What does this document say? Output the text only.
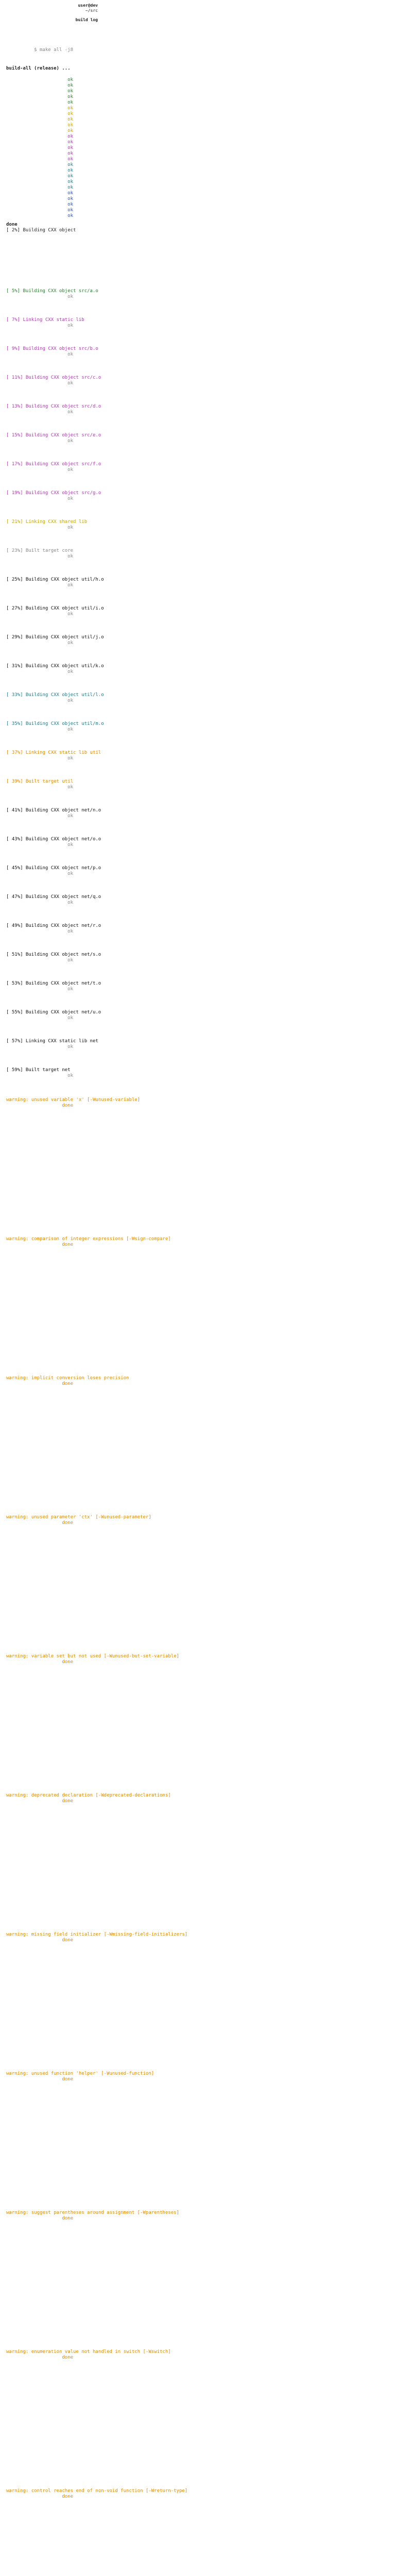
user@dev
~/src
build log
$ make all -j8
build-all (release) ...
ok
ok
ok
ok
ok
ok
ok
ok
ok
ok
ok
ok
ok
ok
ok
ok
ok
ok
ok
ok
ok
ok
ok
ok
ok
done
[ 2%] Building CXX object
[ 5%] Building CXX object src/a.o
ok
[ 7%] Linking CXX static lib
ok
[ 9%] Building CXX object src/b.o
ok
[ 11%] Building CXX object src/c.o
ok
[ 13%] Building CXX object src/d.o
ok
[ 15%] Building CXX object src/e.o
ok
[ 17%] Building CXX object src/f.o
ok
[ 19%] Building CXX object src/g.o
ok
[ 21%] Linking CXX shared lib
ok
[ 23%] Built target core
ok
[ 25%] Building CXX object util/h.o
ok
[ 27%] Building CXX object util/i.o
ok
[ 29%] Building CXX object util/j.o
ok
[ 31%] Building CXX object util/k.o
ok
[ 33%] Building CXX object util/l.o
ok
[ 35%] Building CXX object util/m.o
ok
[ 37%] Linking CXX static lib util
ok
[ 39%] Built target util
ok
[ 41%] Building CXX object net/n.o
ok
[ 43%] Building CXX object net/o.o
ok
[ 45%] Building CXX object net/p.o
ok
[ 47%] Building CXX object net/q.o
ok
[ 49%] Building CXX object net/r.o
ok
[ 51%] Building CXX object net/s.o
ok
[ 53%] Building CXX object net/t.o
ok
[ 55%] Building CXX object net/u.o
ok
[ 57%] Linking CXX static lib net
ok
[ 59%] Built target net
ok
warning: unused variable 'x' [-Wunused-variable]
done
warning: comparison of integer expressions [-Wsign-compare]
done
warning: implicit conversion loses precision
done
warning: unused parameter 'ctx' [-Wunused-parameter]
done
warning: variable set but not used [-Wunused-but-set-variable]
done
warning: deprecated declaration [-Wdeprecated-declarations]
done
warning: missing field initializer [-Wmissing-field-initializers]
done
warning: unused function 'helper' [-Wunused-function]
done
warning: suggest parentheses around assignment [-Wparentheses]
done
warning: enumeration value not handled in switch [-Wswitch]
done
warning: control reaches end of non-void function [-Wreturn-type]
done
